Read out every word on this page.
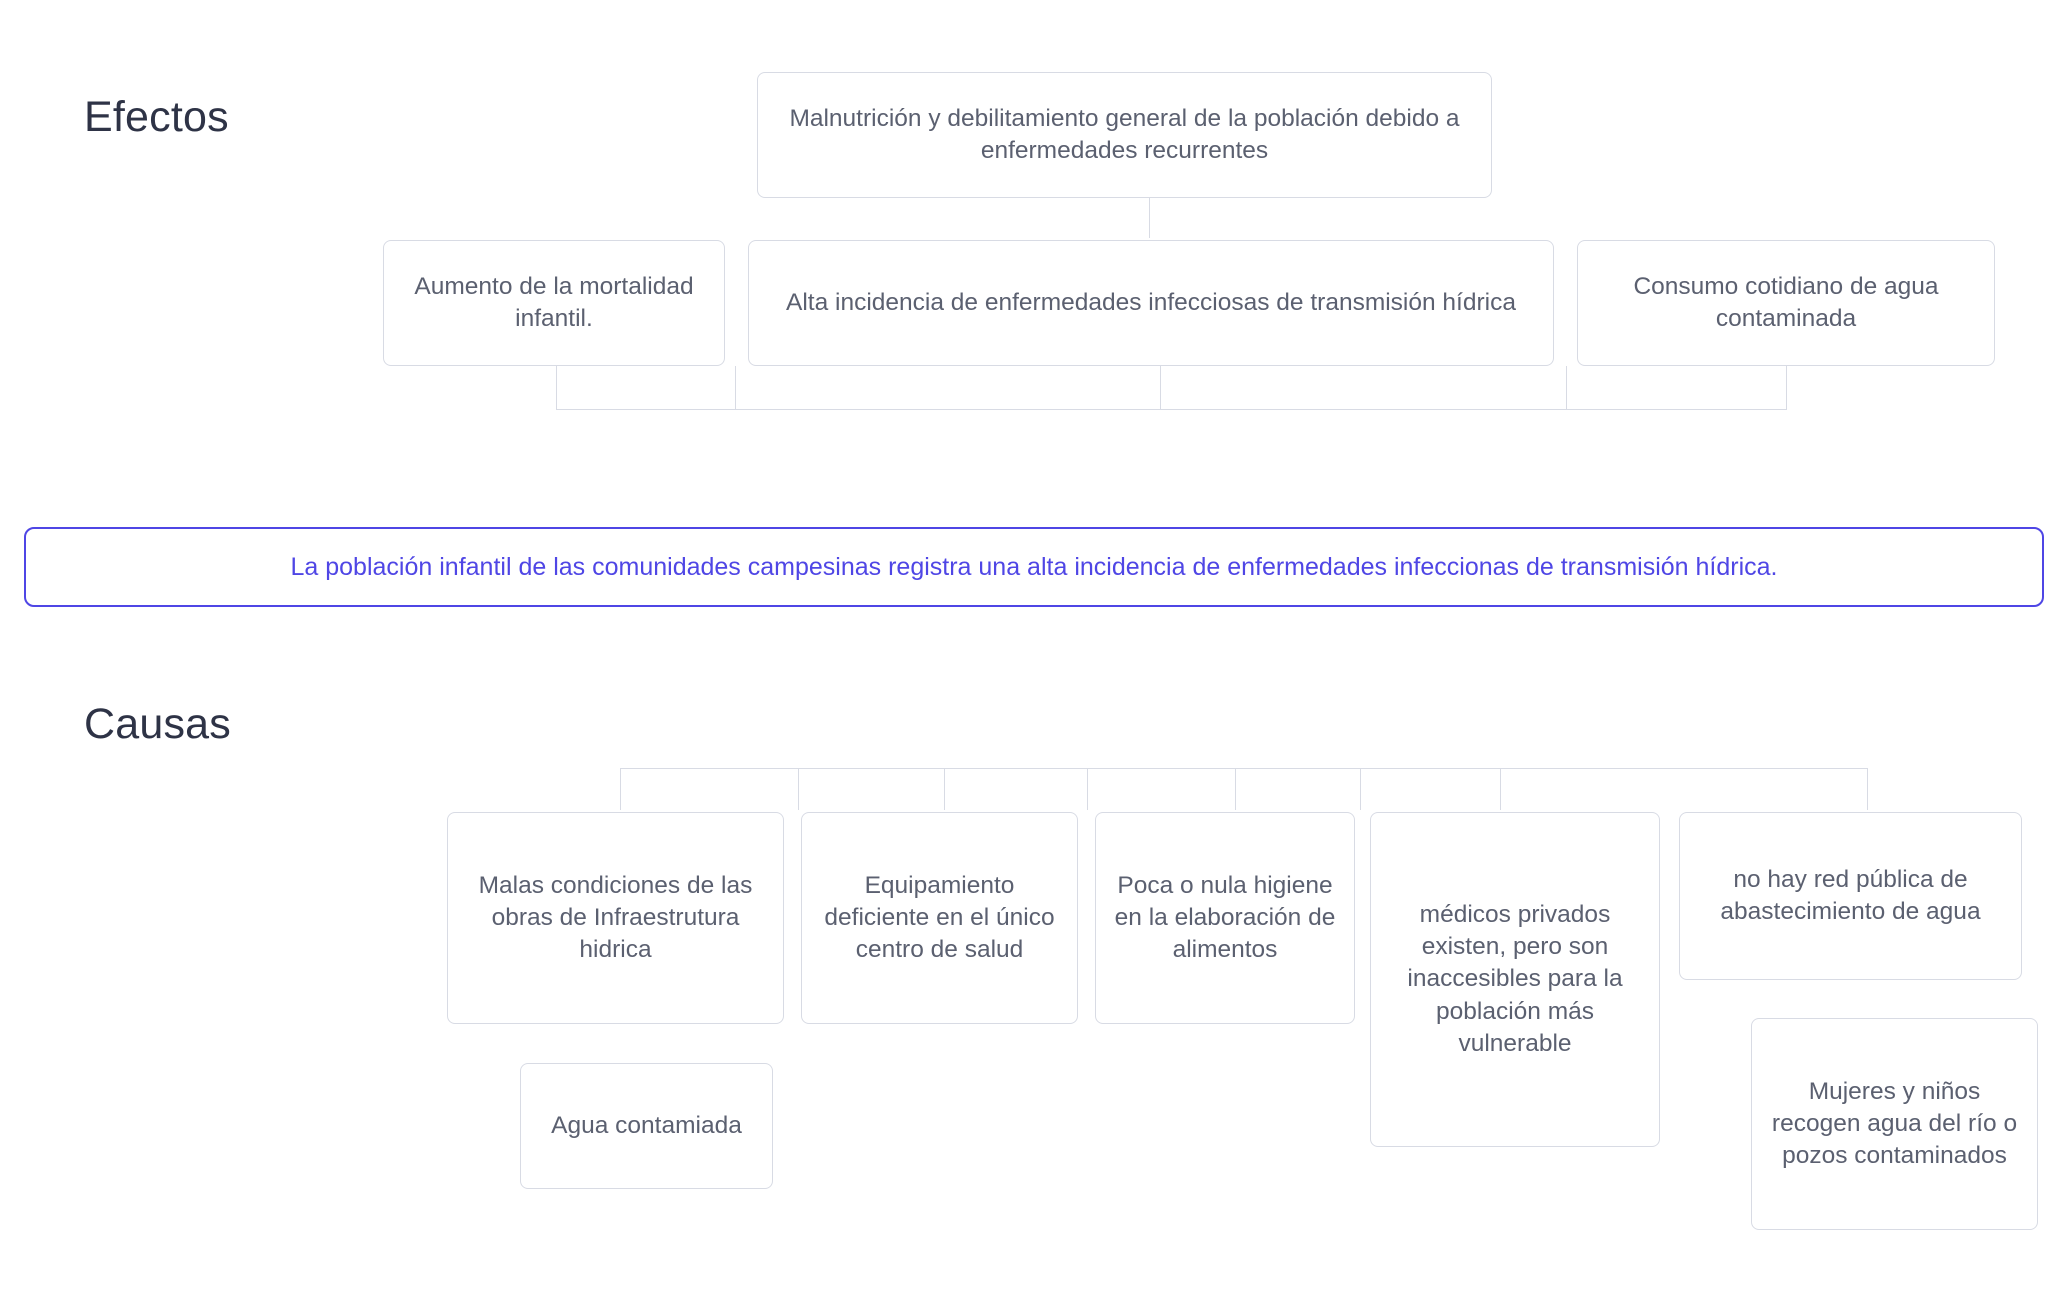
Efectos	Malnutrición y debilitamiento general de la población debido a enfermedades recurrentes
Aumento de la mortalidad infantil.
Alta incidencia de enfermedades infecciosas de transmisión hídrica
Consumo cotidiano de agua contaminada
La población infantil de las comunidades campesinas registra una alta incidencia de enfermedades infeccionas de transmisión hídrica.
Causas
Malas condiciones de las obras de Infraestrutura hidrica
Equipamiento deficiente en el único centro de salud
Poca o nula higiene en la elaboración de alimentos
médicos privados existen, pero son inaccesibles para la población más vulnerable
no hay red pública de abastecimiento de agua
Agua contamiada
Mujeres y niños recogen agua del río o pozos contaminados
